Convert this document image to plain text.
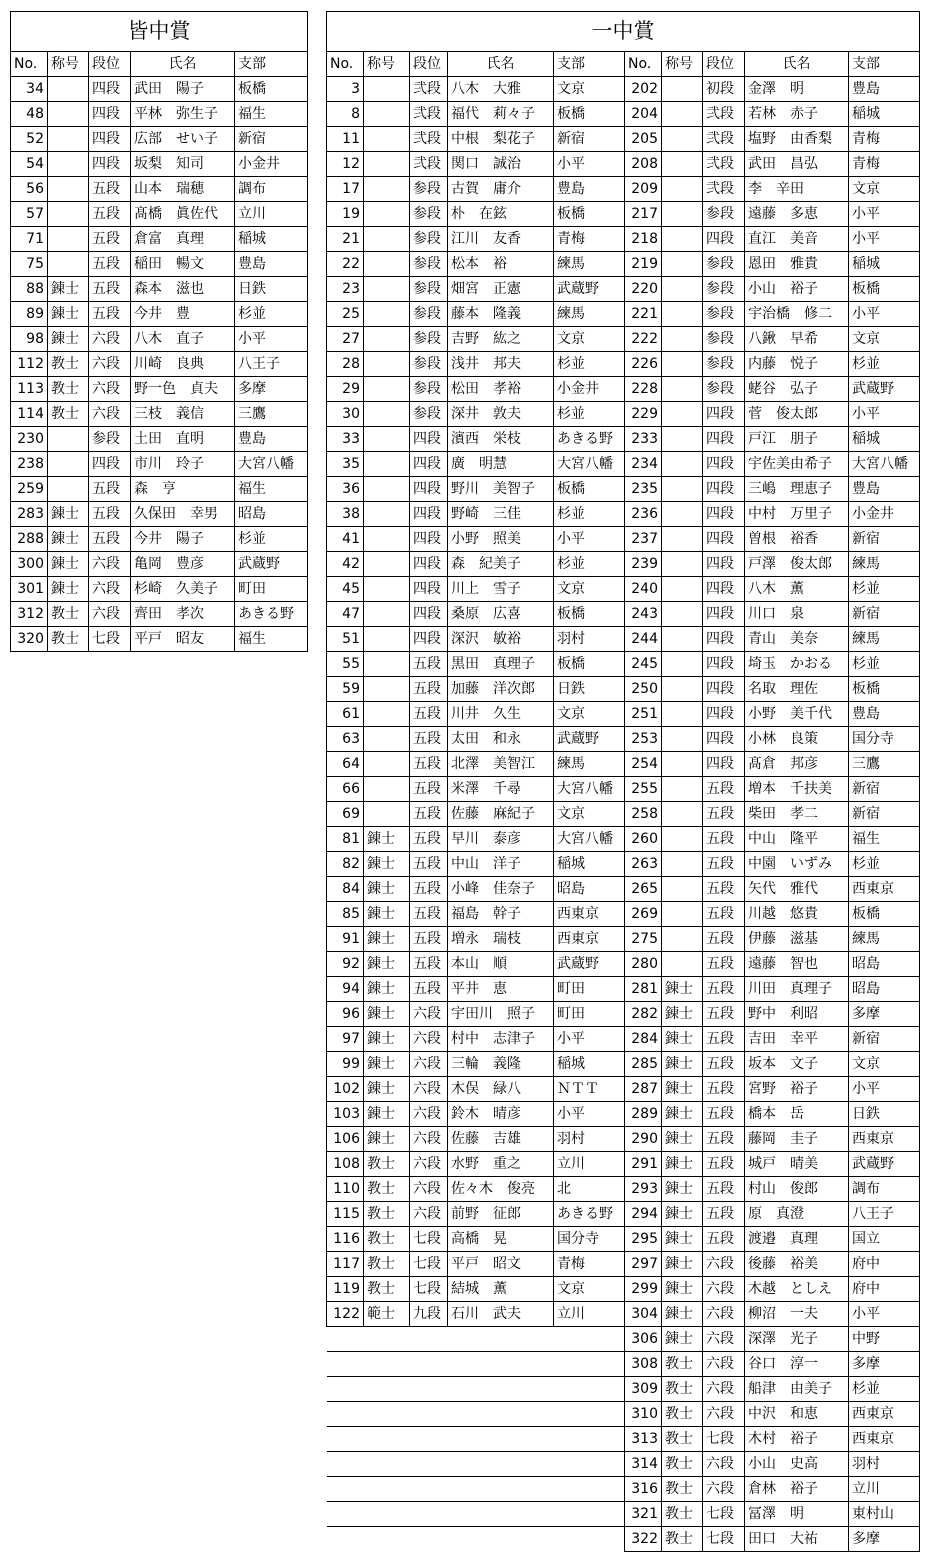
皆中賞				
No.	称号	段位	氏名	支部
34		四段	武田　陽子	板橋
48		四段	平林　弥生子	福生
52		四段	広部　せい子	新宿
54		四段	坂梨　知司	小金井
56		五段	山本　瑞穂	調布
57		五段	髙橋　眞佐代	立川
71		五段	倉富　真理	稲城
75		五段	稲田　暢文	豊島
88	錬士	五段	森本　滋也	日鉄
89	錬士	五段	今井　豊	杉並
98	錬士	六段	八木　直子	小平
112	教士	六段	川崎　良典	八王子
113	教士	六段	野一色　貞夫	多摩
114	教士	六段	三枝　義信	三鷹
230		参段	土田　直明	豊島
238		四段	市川　玲子	大宮八幡
259		五段	森　亨	福生
283	錬士	五段	久保田　幸男	昭島
288	錬士	五段	今井　陽子	杉並
300	錬士	六段	亀岡　豊彦	武蔵野
301	錬士	六段	杉崎　久美子	町田
312	教士	六段	齊田　孝次	あきる野
320	教士	七段	平戸　昭友	福生
一中賞									
No.	称号	段位	氏名	支部	No.	称号	段位	氏名	支部
3		弐段	八木　大雅	文京	202		初段	金澤　明	豊島
8		弐段	福代　莉々子	板橋	204		弐段	若林　赤子	稲城
11		弐段	中根　梨花子	新宿	205		弐段	塩野　由香梨	青梅
12		弐段	関口　誠治	小平	208		弐段	武田　昌弘	青梅
17		参段	古賀　庸介	豊島	209		弐段	李　辛田	文京
19		参段	朴　在鉉	板橋	217		参段	遠藤　多恵	小平
21		参段	江川　友香	青梅	218		四段	直江　美音	小平
22		参段	松本　裕	練馬	219		参段	恩田　雅貴	稲城
23		参段	畑宮　正憲	武蔵野	220		参段	小山　裕子	板橋
25		参段	藤本　隆義	練馬	221		参段	宇治橋　修二	小平
27		参段	吉野　紘之	文京	222		参段	八鍬　早希	文京
28		参段	浅井　邦夫	杉並	226		参段	内藤　悦子	杉並
29		参段	松田　孝裕	小金井	228		参段	蛯谷　弘子	武蔵野
30		参段	深井　敦夫	杉並	229		四段	菅　俊太郎	小平
33		四段	濱西　栄枝	あきる野	233		四段	戸江　朋子	稲城
35		四段	廣　明慧	大宮八幡	234		四段	宇佐美由希子	大宮八幡
36		四段	野川　美智子	板橋	235		四段	三嶋　理恵子	豊島
38		四段	野崎　三佳	杉並	236		四段	中村　万里子	小金井
41		四段	小野　照美	小平	237		四段	曽根　裕香	新宿
42		四段	森　紀美子	杉並	239		四段	戸澤　俊太郎	練馬
45		四段	川上　雪子	文京	240		四段	八木　薫	杉並
47		四段	桑原　広喜	板橋	243		四段	川口　泉	新宿
51		四段	深沢　敏裕	羽村	244		四段	青山　美奈	練馬
55		五段	黒田　真理子	板橋	245		四段	埼玉　かおる	杉並
59		五段	加藤　洋次郎	日鉄	250		四段	名取　理佐	板橋
61		五段	川井　久生	文京	251		四段	小野　美千代	豊島
63		五段	太田　和永	武蔵野	253		四段	小林　良策	国分寺
64		五段	北澤　美智江	練馬	254		四段	髙倉　邦彦	三鷹
66		五段	米澤　千尋	大宮八幡	255		五段	増本　千扶美	新宿
69		五段	佐藤　麻紀子	文京	258		五段	柴田　孝二	新宿
81	錬士	五段	早川　泰彦	大宮八幡	260		五段	中山　隆平	福生
82	錬士	五段	中山　洋子	稲城	263		五段	中園　いずみ	杉並
84	錬士	五段	小峰　佳奈子	昭島	265		五段	矢代　雅代	西東京
85	錬士	五段	福島　幹子	西東京	269		五段	川越　悠貴	板橋
91	錬士	五段	増永　瑞枝	西東京	275		五段	伊藤　滋基	練馬
92	錬士	五段	本山　順	武蔵野	280		五段	遠藤　智也	昭島
94	錬士	五段	平井　恵	町田	281	錬士	五段	川田　真理子	昭島
96	錬士	六段	宇田川　照子	町田	282	錬士	五段	野中　利昭	多摩
97	錬士	六段	村中　志津子	小平	284	錬士	五段	吉田　幸平	新宿
99	錬士	六段	三輪　義隆	稲城	285	錬士	五段	坂本　文子	文京
102	錬士	六段	木俣　緑八	ＮＴＴ	287	錬士	五段	宮野　裕子	小平
103	錬士	六段	鈴木　晴彦	小平	289	錬士	五段	橋本　岳	日鉄
106	錬士	六段	佐藤　吉雄	羽村	290	錬士	五段	藤岡　圭子	西東京
108	教士	六段	水野　重之	立川	291	錬士	五段	城戸　晴美	武蔵野
110	教士	六段	佐々木　俊亮	北	293	錬士	五段	村山　俊郎	調布
115	教士	六段	前野　征郎	あきる野	294	錬士	五段	原　真澄	八王子
116	教士	七段	高橋　晃	国分寺	295	錬士	五段	渡邉　真理	国立
117	教士	七段	平戸　昭文	青梅	297	錬士	六段	後藤　裕美	府中
119	教士	七段	結城　薫	文京	299	錬士	六段	木越　としえ	府中
122	範士	九段	石川　武夫	立川	304	錬士	六段	柳沼　一夫	小平
					306	錬士	六段	深澤　光子	中野
					308	教士	六段	谷口　淳一	多摩
					309	教士	六段	船津　由美子	杉並
					310	教士	六段	中沢　和恵	西東京
					313	教士	七段	木村　裕子	西東京
					314	教士	六段	小山　史高	羽村
					316	教士	六段	倉林　裕子	立川
					321	教士	七段	冨澤　明	東村山
					322	教士	七段	田口　大祐	多摩
